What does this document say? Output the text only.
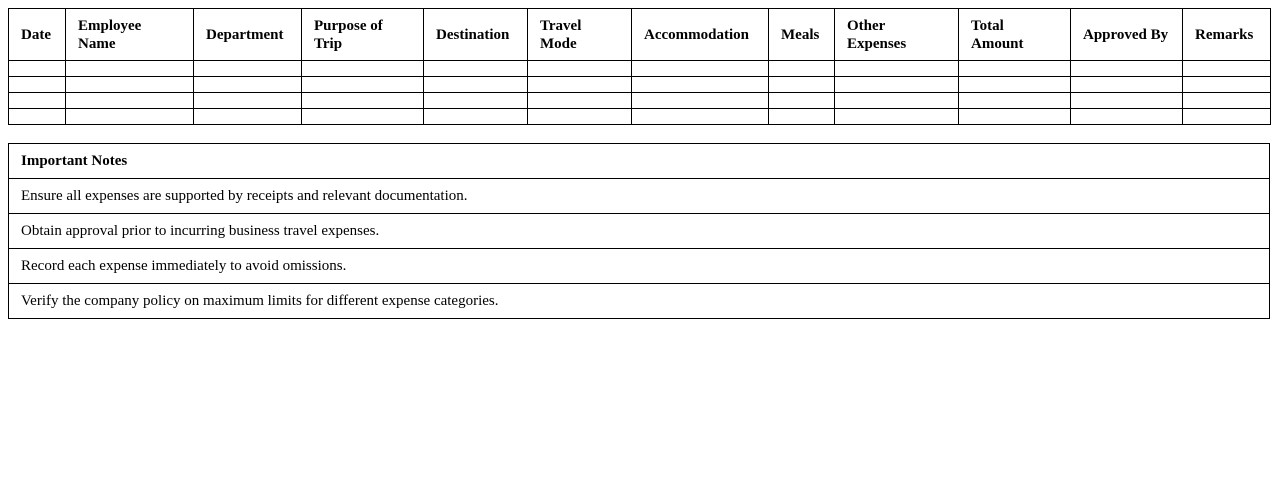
Date	Employee Name	Department	Purpose of Trip	Destination	Travel Mode	Accommodation	Meals	Other Expenses	Total Amount	Approved By	Remarks

Important Notes
Ensure all expenses are supported by receipts and relevant documentation.
Obtain approval prior to incurring business travel expenses.
Record each expense immediately to avoid omissions.
Verify the company policy on maximum limits for different expense categories.
